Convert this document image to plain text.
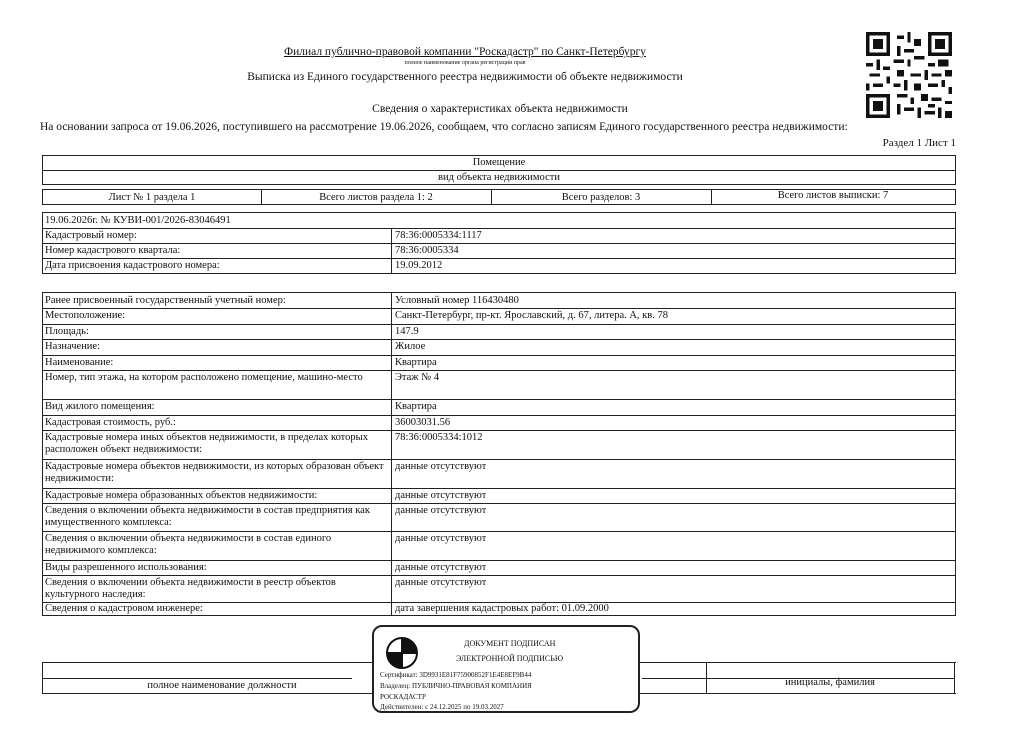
Филиал публично-правовой компании "Роскадастр" по Санкт-Петербургу
полное наименование органа регистрации прав
Выписка из Единого государственного реестра недвижимости об объекте недвижимости
Сведения о характеристиках объекта недвижимости
На основании запроса от 19.06.2026, поступившего на рассмотрение 19.06.2026, сообщаем, что согласно записям Единого государственного реестра недвижимости:
Раздел 1 Лист 1
Помещение
вид объекта недвижимости
Лист № 1 раздела 1	Всего листов раздела 1: 2	Всего разделов: 3	Всего листов выписки: 7
19.06.2026г. № КУВИ-001/2026-83046491
Кадастровый номер:	78:36:0005334:1117
Номер кадастрового квартала:	78:36:0005334
Дата присвоения кадастрового номера:	19.09.2012
Ранее присвоенный государственный учетный номер:	Условный номер 116430480
Местоположение:	Санкт-Петербург, пр-кт. Ярославский, д. 67, литера. А, кв. 78
Площадь:	147.9
Назначение:	Жилое
Наименование:	Квартира
Номер, тип этажа, на котором расположено помещение, машино-место	Этаж № 4
Вид жилого помещения:	Квартира
Кадастровая стоимость, руб.:	36003031.56
Кадастровые номера иных объектов недвижимости, в пределах которых расположен объект недвижимости:
78:36:0005334:1012
Кадастровые номера объектов недвижимости, из которых образован объект недвижимости:
данные отсутствуют
Кадастровые номера образованных объектов недвижимости:	данные отсутствуют
Сведения о включении объекта недвижимости в состав предприятия как имущественного комплекса:
данные отсутствуют
Сведения о включении объекта недвижимости в состав единого недвижимого комплекса:
данные отсутствуют
Виды разрешенного использования:	данные отсутствуют
Сведения о включении объекта недвижимости в реестр объектов культурного наследия:
данные отсутствуют
Сведения о кадастровом инженере:	дата завершения кадастровых работ: 01.09.2000
полное наименование должности	инициалы, фамилия
ДОКУМЕНТ ПОДПИСАН
ЭЛЕКТРОННОЙ ПОДПИСЬЮ
Сертификат: 3D9931E81F75900852F1E4E8EF9B44
Владелец: ПУБЛИЧНО-ПРАВОВАЯ КОМПАНИЯ
РОСКАДАСТР
Действителен: с 24.12.2025 по 19.03.2027
